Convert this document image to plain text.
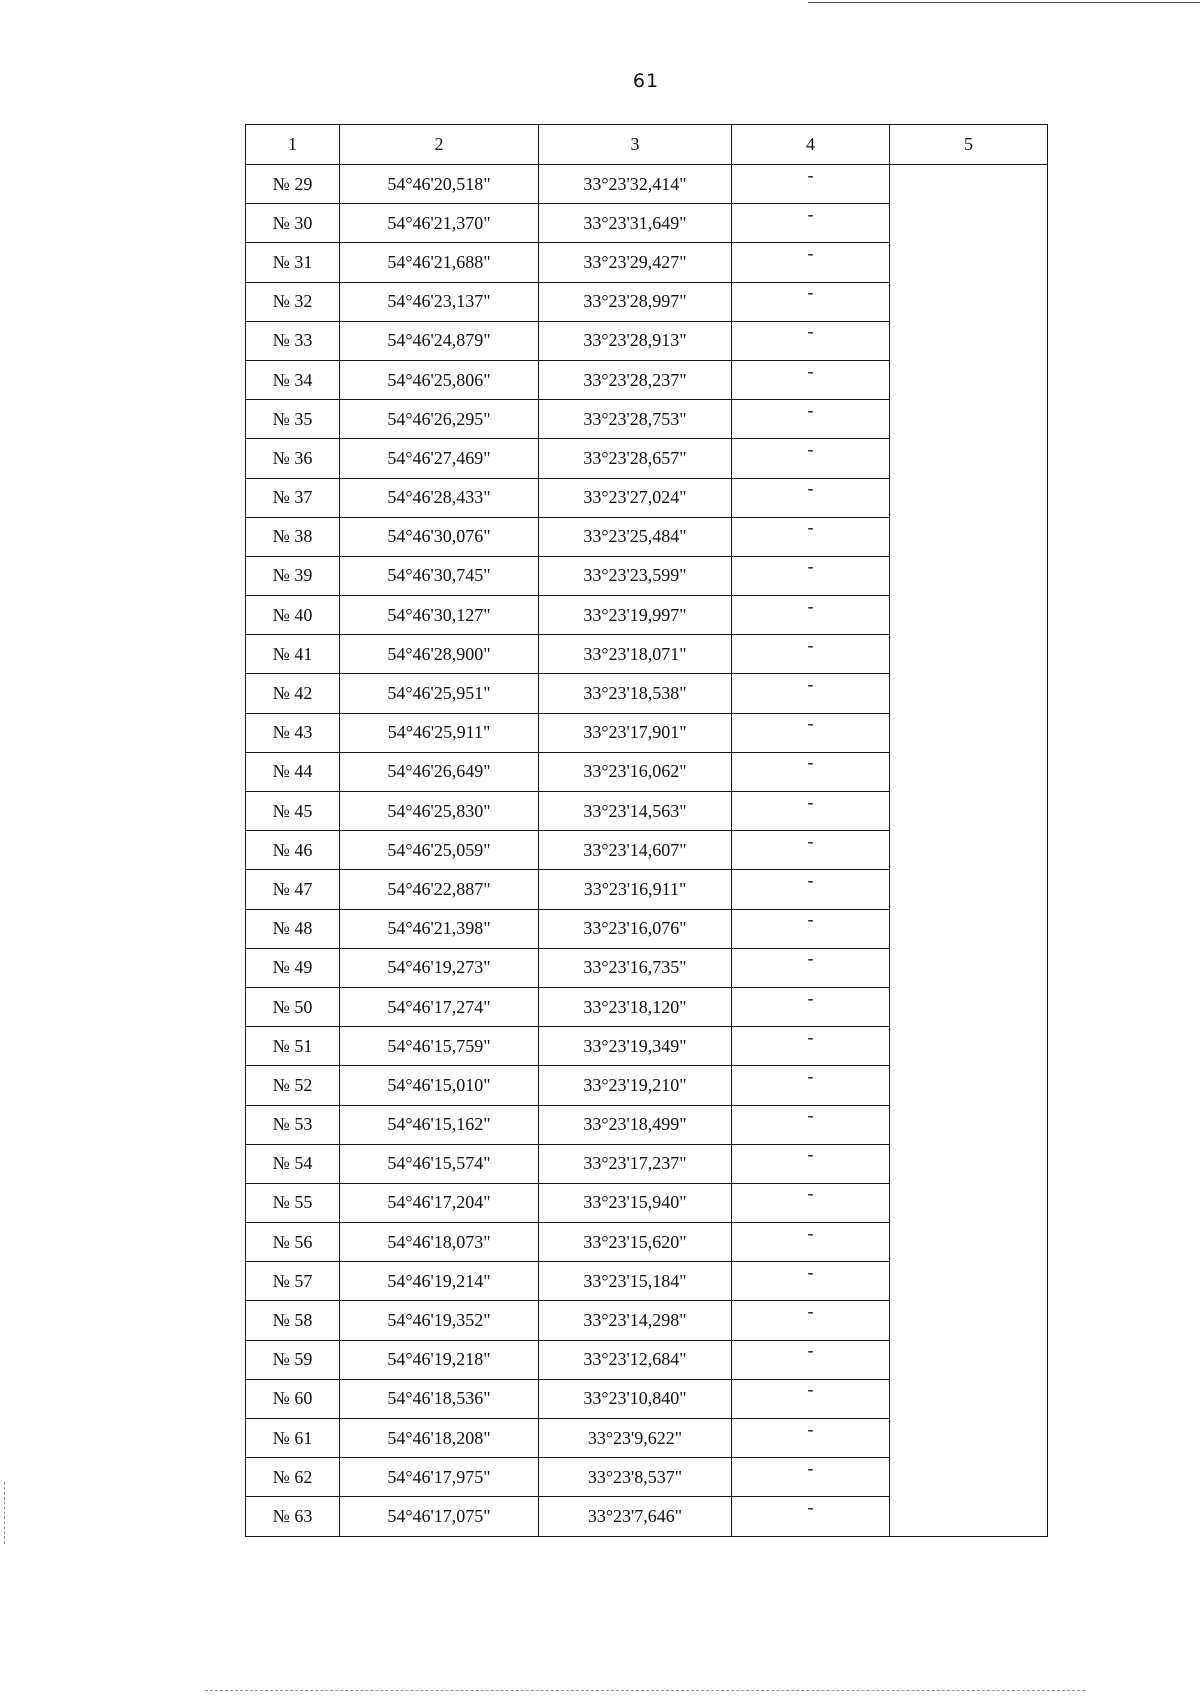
61
1	2	3	4	5
№ 29	54°46'20,518"	33°23'32,414"	-	
№ 30	54°46'21,370"	33°23'31,649"	-	
№ 31	54°46'21,688"	33°23'29,427"	-	
№ 32	54°46'23,137"	33°23'28,997"	-	
№ 33	54°46'24,879"	33°23'28,913"	-	
№ 34	54°46'25,806"	33°23'28,237"	-	
№ 35	54°46'26,295"	33°23'28,753"	-	
№ 36	54°46'27,469"	33°23'28,657"	-	
№ 37	54°46'28,433"	33°23'27,024"	-	
№ 38	54°46'30,076"	33°23'25,484"	-	
№ 39	54°46'30,745"	33°23'23,599"	-	
№ 40	54°46'30,127"	33°23'19,997"	-	
№ 41	54°46'28,900"	33°23'18,071"	-	
№ 42	54°46'25,951"	33°23'18,538"	-	
№ 43	54°46'25,911"	33°23'17,901"	-	
№ 44	54°46'26,649"	33°23'16,062"	-	
№ 45	54°46'25,830"	33°23'14,563"	-	
№ 46	54°46'25,059"	33°23'14,607"	-	
№ 47	54°46'22,887"	33°23'16,911"	-	
№ 48	54°46'21,398"	33°23'16,076"	-	
№ 49	54°46'19,273"	33°23'16,735"	-	
№ 50	54°46'17,274"	33°23'18,120"	-	
№ 51	54°46'15,759"	33°23'19,349"	-	
№ 52	54°46'15,010"	33°23'19,210"	-	
№ 53	54°46'15,162"	33°23'18,499"	-	
№ 54	54°46'15,574"	33°23'17,237"	-	
№ 55	54°46'17,204"	33°23'15,940"	-	
№ 56	54°46'18,073"	33°23'15,620"	-	
№ 57	54°46'19,214"	33°23'15,184"	-	
№ 58	54°46'19,352"	33°23'14,298"	-	
№ 59	54°46'19,218"	33°23'12,684"	-	
№ 60	54°46'18,536"	33°23'10,840"	-	
№ 61	54°46'18,208"	33°23'9,622"	-	
№ 62	54°46'17,975"	33°23'8,537"	-	
№ 63	54°46'17,075"	33°23'7,646"	-	
